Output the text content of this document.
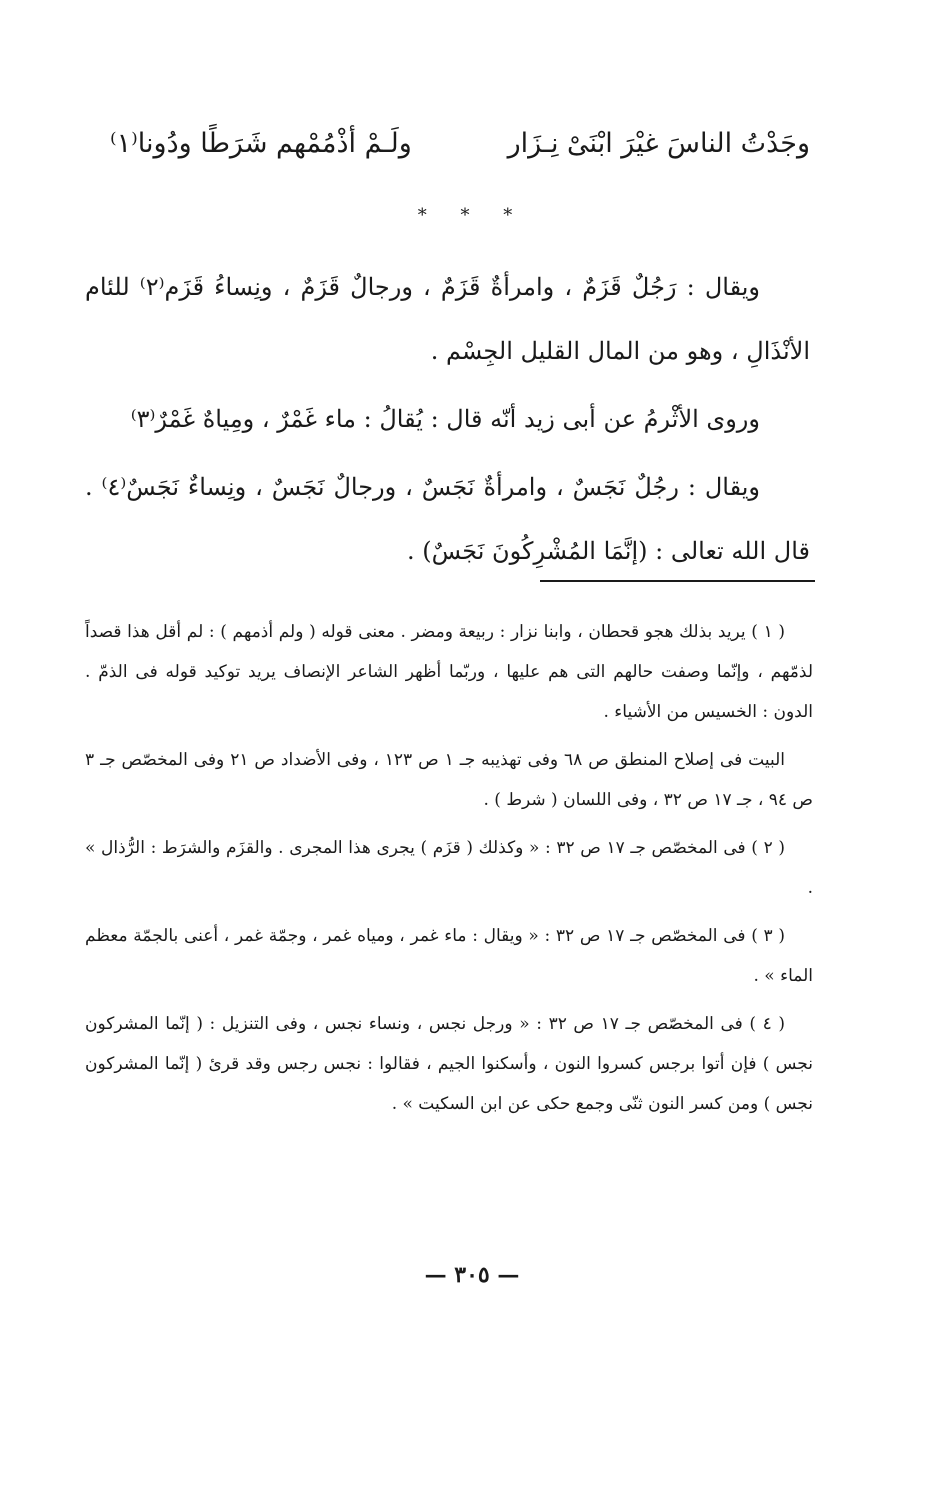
وجَدْتُ الناسَ غيْرَ ابْنَىْ نِـزَار
ولَـمْ أذْمُمْهم شَرَطًا ودُونا⁽١⁾
* * *

ويقال : رَجُلٌ قَزَمٌ ، وامرأةٌ قَزَمٌ ، ورجالٌ قَزَمٌ ، ونِساءُ قَزَم⁽٢⁾ للئام الأنْذَالِ ، وهو من المال القليل الجِسْم .

وروى الأثْرمُ عن أبى زيد أنّه قال : يُقالُ : ماء غَمْرٌ ، ومِياهٌ غَمْرٌ⁽٣⁾

ويقال : رجُلٌ نَجَسٌ ، وامرأةٌ نَجَسٌ ، ورجالٌ نَجَسٌ ، ونِساءٌ نَجَسٌ⁽٤⁾ . قال الله تعالى : (إنَّمَا المُشْرِكُونَ نَجَسٌ) .

( ١ ) يريد بذلك هجو قحطان ، وابنا نزار : ربيعة ومضر . معنى قوله ( ولم أذمهم ) : لم أقل هذا قصداً لذمّهم ، وإنّما وصفت حالهم التى هم عليها ، وربّما أظهر الشاعر الإنصاف يريد توكيد قوله فى الذمّ . الدون : الخسيس من الأشياء .

البيت فى إصلاح المنطق ص ٦٨ وفى تهذيبه جـ ١ ص ١٢٣ ، وفى الأضداد ص ٢١ وفى المخصّص جـ ٣ ص ٩٤ ، جـ ١٧ ص ٣٢ ، وفى اللسان ( شرط ) .

( ٢ ) فى المخصّص جـ ١٧ ص ٣٢ : « وكذلك ( قزَم ) يجرى هذا المجرى . والقزَم والشرَط : الرُّذال » .

( ٣ ) فى المخصّص جـ ١٧ ص ٣٢ : « ويقال : ماء غمر ، ومياه غمر ، وجمّة غمر ، أعنى بالجمّة معظم الماء » .

( ٤ ) فى المخصّص جـ ١٧ ص ٣٢ : « ورجل نجس ، ونساء نجس ، وفى التنزيل : ( إنّما المشركون نجس ) فإن أتوا برجس كسروا النون ، وأسكنوا الجيم ، فقالوا : نجس رجس وقد قرئ ( إنّما المشركون نجس ) ومن كسر النون ثنّى وجمع حكى عن ابن السكيت » .

— ٣٠٥ —
